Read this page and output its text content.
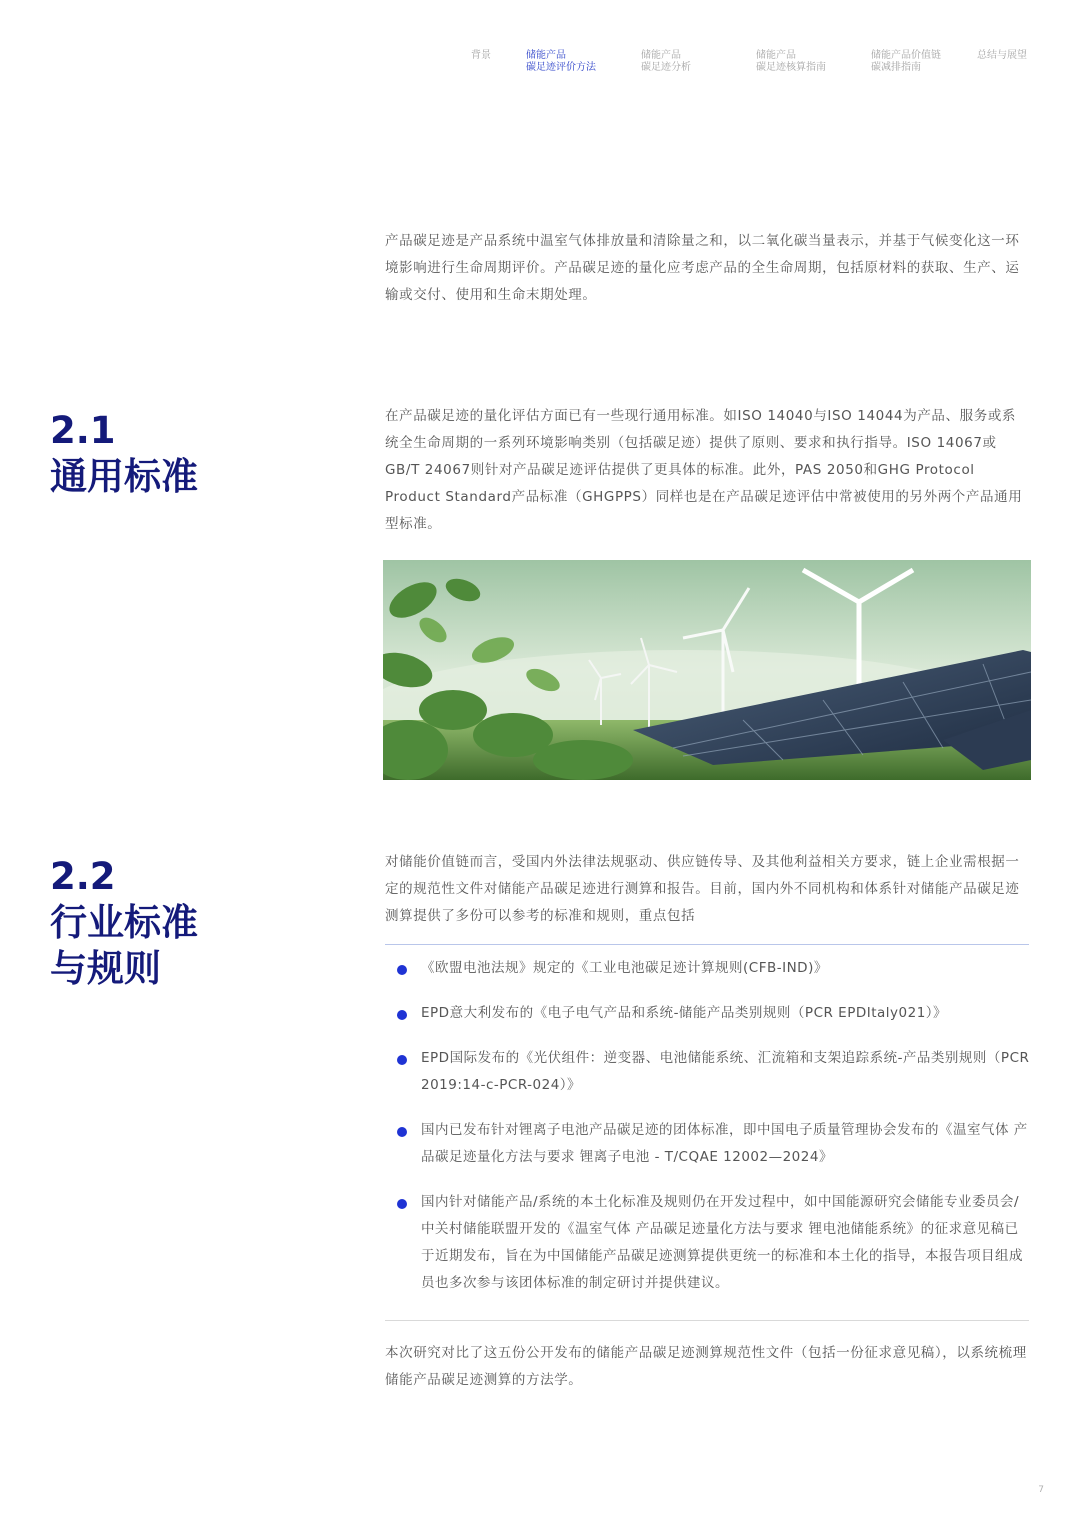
背景	储能产品
碳足迹评价方法
储能产品
碳足迹分析
储能产品
碳足迹核算指南
储能产品价值链
碳减排指南
总结与展望

产品碳足迹是产品系统中温室气体排放量和清除量之和，以二氧化碳当量表示，并基于气候变化这一环境影响进行生命周期评价。产品碳足迹的量化应考虑产品的全生命周期，包括原材料的获取、生产、运输或交付、使用和生命末期处理。

2.1
通用标准

在产品碳足迹的量化评估方面已有一些现行通用标准。如ISO 14040与ISO 14044为产品、服务或系统全生命周期的一系列环境影响类别（包括碳足迹）提供了原则、要求和执行指导。ISO 14067或GB/T 24067则针对产品碳足迹评估提供了更具体的标准。此外，PAS 2050和GHG Protocol Product Standard产品标准（GHGPPS）同样也是在产品碳足迹评估中常被使用的另外两个产品通用型标准。

2.2
行业标准
与规则

对储能价值链而言，受国内外法律法规驱动、供应链传导、及其他利益相关方要求，链上企业需根据一定的规范性文件对储能产品碳足迹进行测算和报告。目前，国内外不同机构和体系针对储能产品碳足迹测算提供了多份可以参考的标准和规则，重点包括

《欧盟电池法规》规定的《工业电池碳足迹计算规则(CFB-IND)》
EPD意大利发布的《电子电气产品和系统-储能产品类别规则（PCR EPDItaly021）》
EPD国际发布的《光伏组件：逆变器、电池储能系统、汇流箱和支架追踪系统-产品类别规则（PCR 2019:14-c-PCR-024）》
国内已发布针对锂离子电池产品碳足迹的团体标准，即中国电子质量管理协会发布的《温室气体 产品碳足迹量化方法与要求 锂离子电池 - T/CQAE 12002—2024》
国内针对储能产品/系统的本土化标准及规则仍在开发过程中，如中国能源研究会储能专业委员会/中关村储能联盟开发的《温室气体 产品碳足迹量化方法与要求 锂电池储能系统》的征求意见稿已于近期发布，旨在为中国储能产品碳足迹测算提供更统一的标准和本土化的指导，本报告项目组成员也多次参与该团体标准的制定研讨并提供建议。

本次研究对比了这五份公开发布的储能产品碳足迹测算规范性文件（包括一份征求意见稿），以系统梳理储能产品碳足迹测算的方法学。

7
